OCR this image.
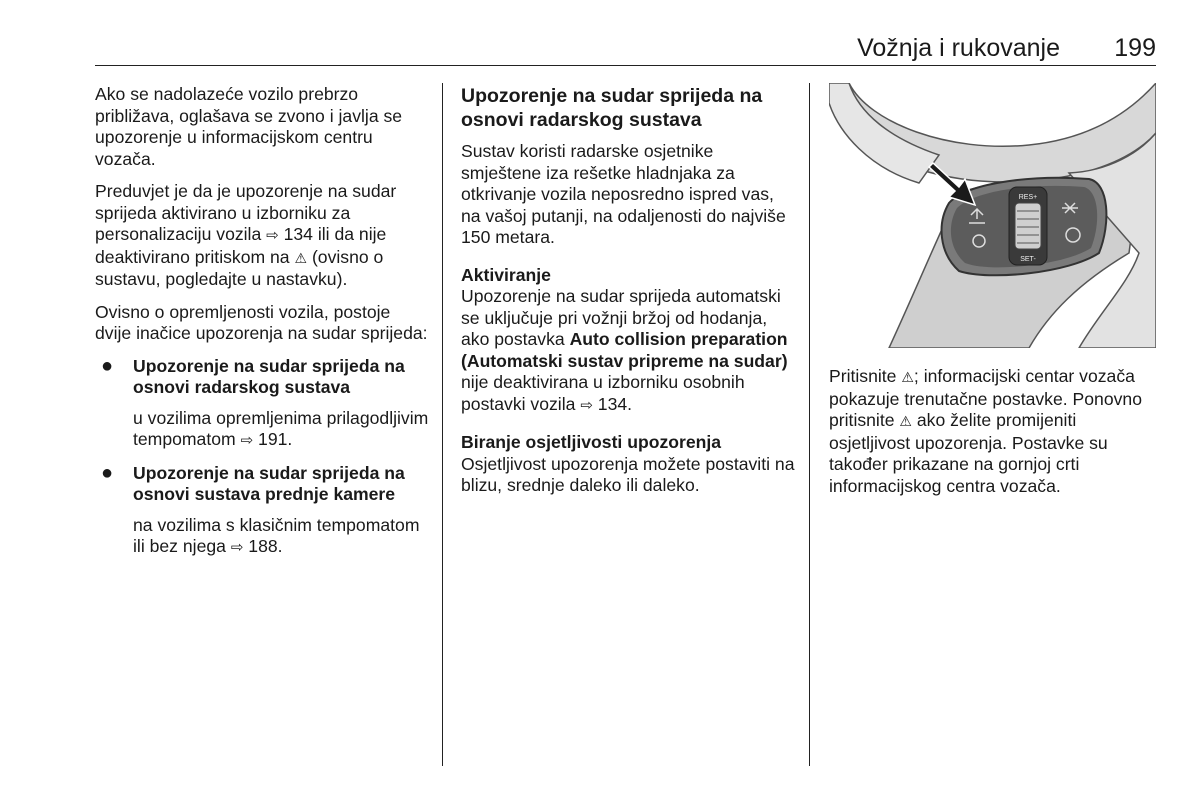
Vožnja i rukovanje 199

Ako se nadolazeće vozilo prebrzo približava, oglašava se zvono i javlja se upozorenje u informacijskom centru vozača.

Preduvjet je da je upozorenje na sudar sprijeda aktivirano u izborniku za personalizaciju vozila ⇨ 134 ili da nije deaktivirano pritiskom na ⚠ (ovisno o sustavu, pogledajte u nastavku).

Ovisno o opremljenosti vozila, postoje dvije inačice upozorenja na sudar sprijeda:

● Upozorenje na sudar sprijeda na osnovi radarskog sustava
u vozilima opremljenima prilagodljivim tempomatom ⇨ 191.
● Upozorenje na sudar sprijeda na osnovi sustava prednje kamere
na vozilima s klasičnim tempomatom ili bez njega ⇨ 188.
Upozorenje na sudar sprijeda na osnovi radarskog sustava

Sustav koristi radarske osjetnike smještene iza rešetke hladnjaka za otkrivanje vozila neposredno ispred vas, na vašoj putanji, na odaljenosti do najviše 150 metara.

Aktiviranje

Upozorenje na sudar sprijeda automatski se uključuje pri vožnji bržoj od hodanja, ako postavka Auto collision preparation (Automatski sustav pripreme na sudar) nije deaktivirana u izborniku osobnih postavki vozila ⇨ 134.

Biranje osjetljivosti upozorenja

Osjetljivost upozorenja možete postaviti na blizu, srednje daleko ili daleko.

RES+
SET-

Pritisnite ⚠; informacijski centar vozača pokazuje trenutačne postavke. Ponovno pritisnite ⚠ ako želite promijeniti osjetljivost upozorenja. Postavke su također prikazane na gornjoj crti informacijskog centra vozača.
